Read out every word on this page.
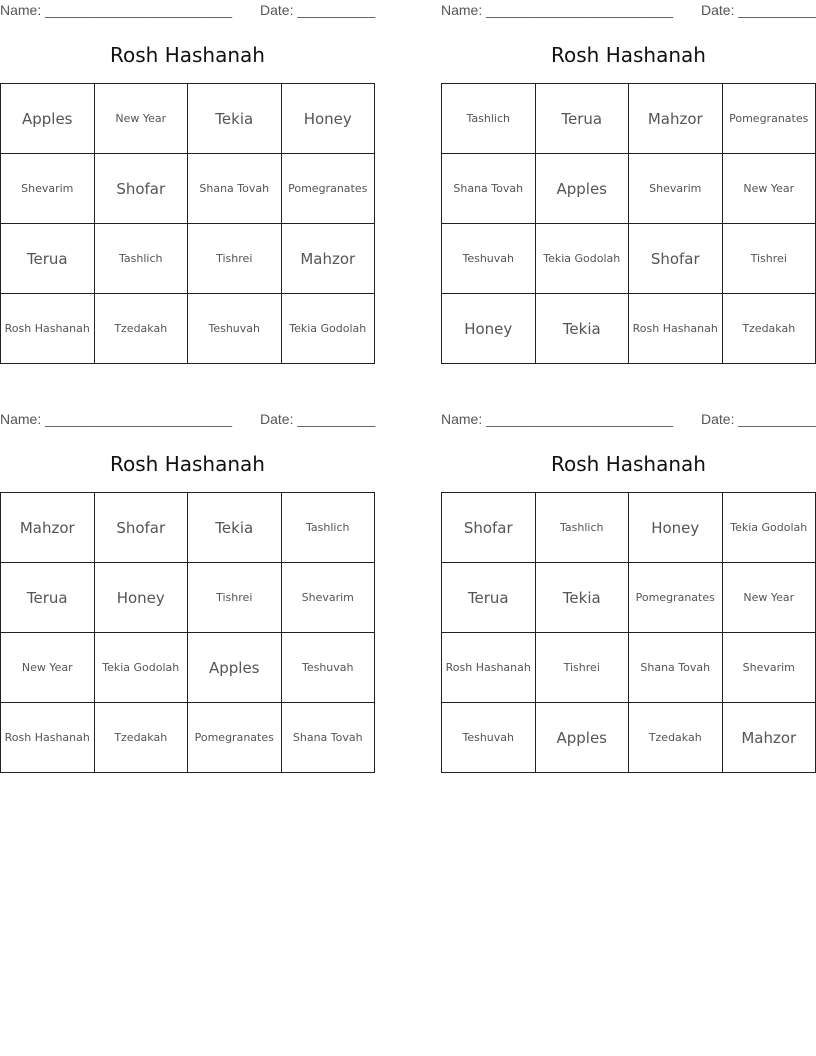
Name: ________________________ Date: __________
Rosh Hashanah
Apples	New Year	Tekia	Honey
Shevarim	Shofar	Shana Tovah	Pomegranates
Terua	Tashlich	Tishrei	Mahzor
Rosh Hashanah	Tzedakah	Teshuvah	Tekia Godolah
Name: ________________________ Date: __________
Rosh Hashanah
Tashlich	Terua	Mahzor	Pomegranates
Shana Tovah	Apples	Shevarim	New Year
Teshuvah	Tekia Godolah	Shofar	Tishrei
Honey	Tekia	Rosh Hashanah	Tzedakah
Name: ________________________ Date: __________
Rosh Hashanah
Mahzor	Shofar	Tekia	Tashlich
Terua	Honey	Tishrei	Shevarim
New Year	Tekia Godolah	Apples	Teshuvah
Rosh Hashanah	Tzedakah	Pomegranates	Shana Tovah
Name: ________________________ Date: __________
Rosh Hashanah
Shofar	Tashlich	Honey	Tekia Godolah
Terua	Tekia	Pomegranates	New Year
Rosh Hashanah	Tishrei	Shana Tovah	Shevarim
Teshuvah	Apples	Tzedakah	Mahzor
